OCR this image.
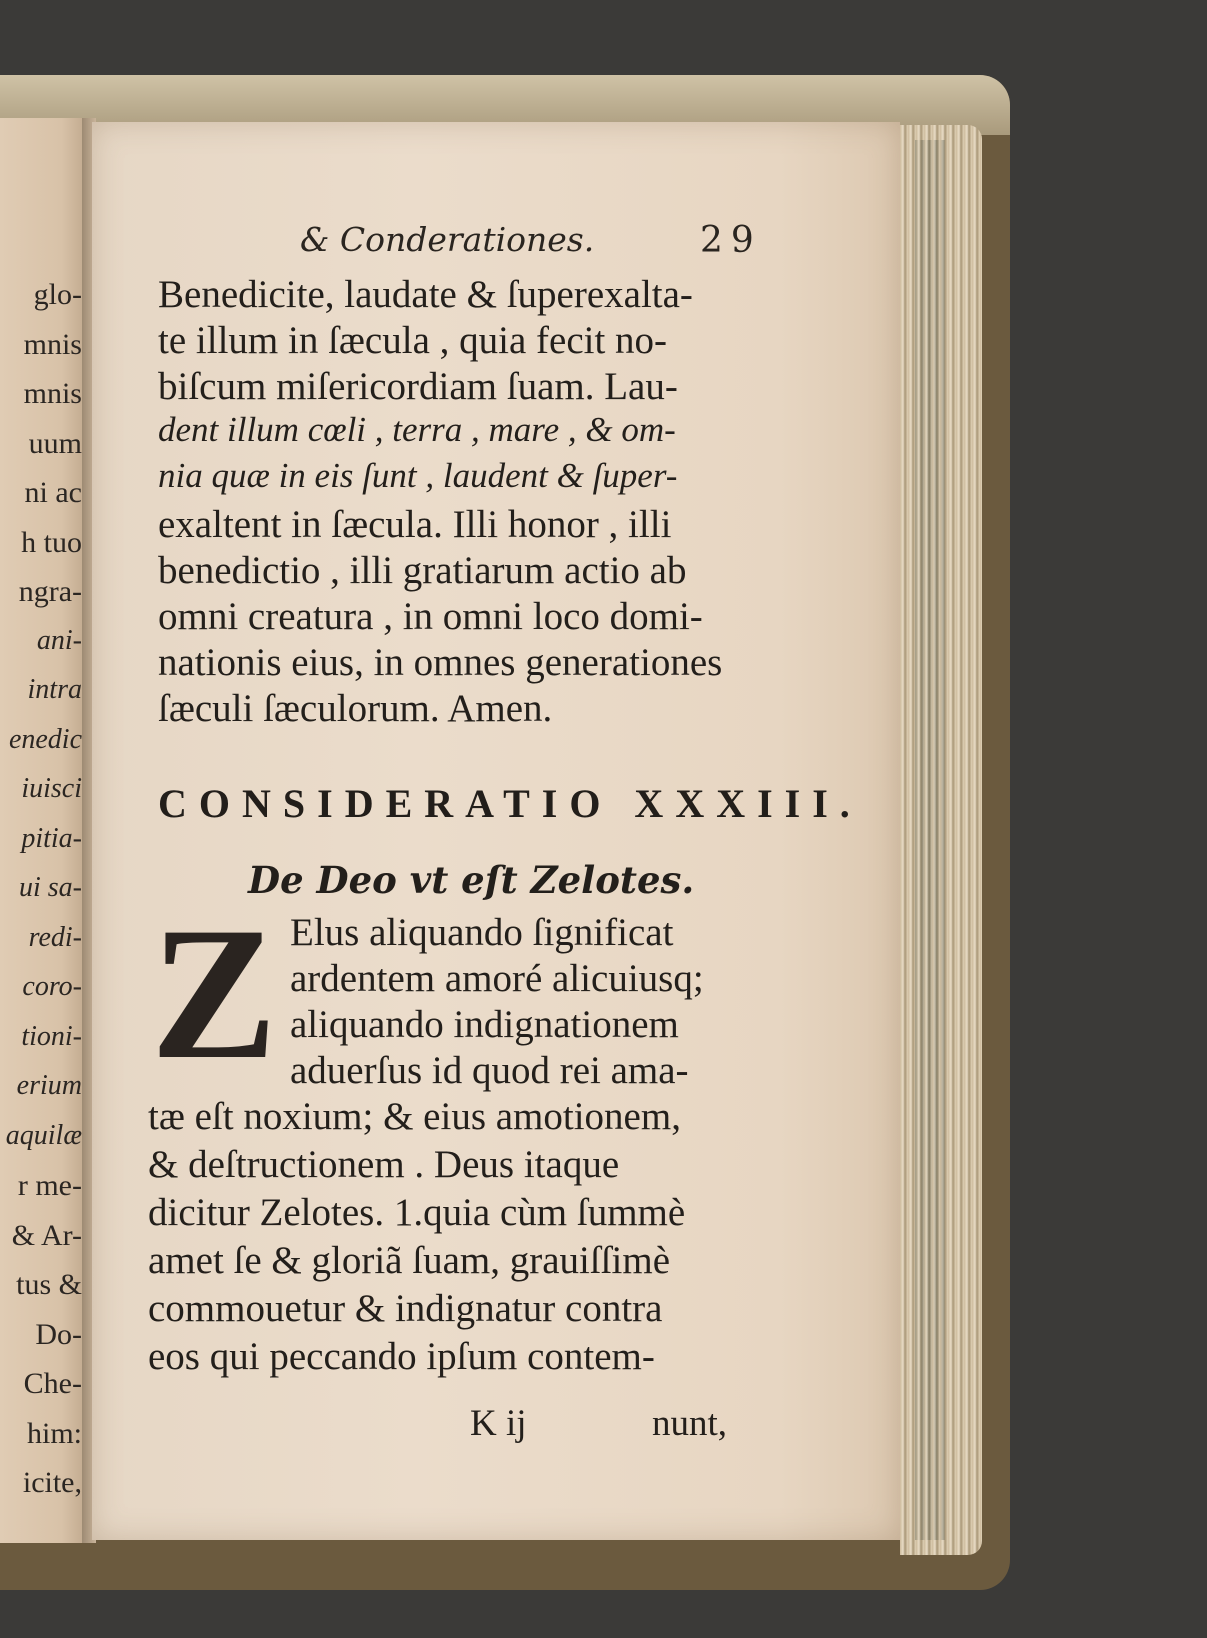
glo-
mnis
mnis
uum
ni ac
h tuo
ngra-
ani-
intra
enedic
iuisci
pitia-
ui sa-
redi-
coro-
tioni-
erium
aquilæ
r me-
& Ar-
tus &
Do-
Che-
him:
icite,
& Conderationes.	29
Benedicite, laudate & ſuperexalta-
te illum in ſæcula , quia fecit no-
biſcum miſericordiam ſuam. Lau-
dent illum cœli , terra , mare , & om-
nia quæ in eis ſunt , laudent & ſuper-
exaltent in ſæcula. Illi honor , illi
benedictio , illi gratiarum actio ab
omni creatura , in omni loco domi-
nationis eius, in omnes generationes
ſæculi ſæculorum. Amen.
CONSIDERATIO XXXIII.
De Deo vt eſt Zelotes.
Z Elus aliquando ſignificat
ardentem amoré alicuiusq;
aliquando indignationem
aduerſus id quod rei ama-
tæ eſt noxium; & eius amotionem,
& deſtructionem . Deus itaque
dicitur Zelotes. 1.quia cùm ſummè
amet ſe & gloriã ſuam, grauiſſimè
commouetur & indignatur contra
eos qui peccando ipſum contem-
K ij	nunt,
